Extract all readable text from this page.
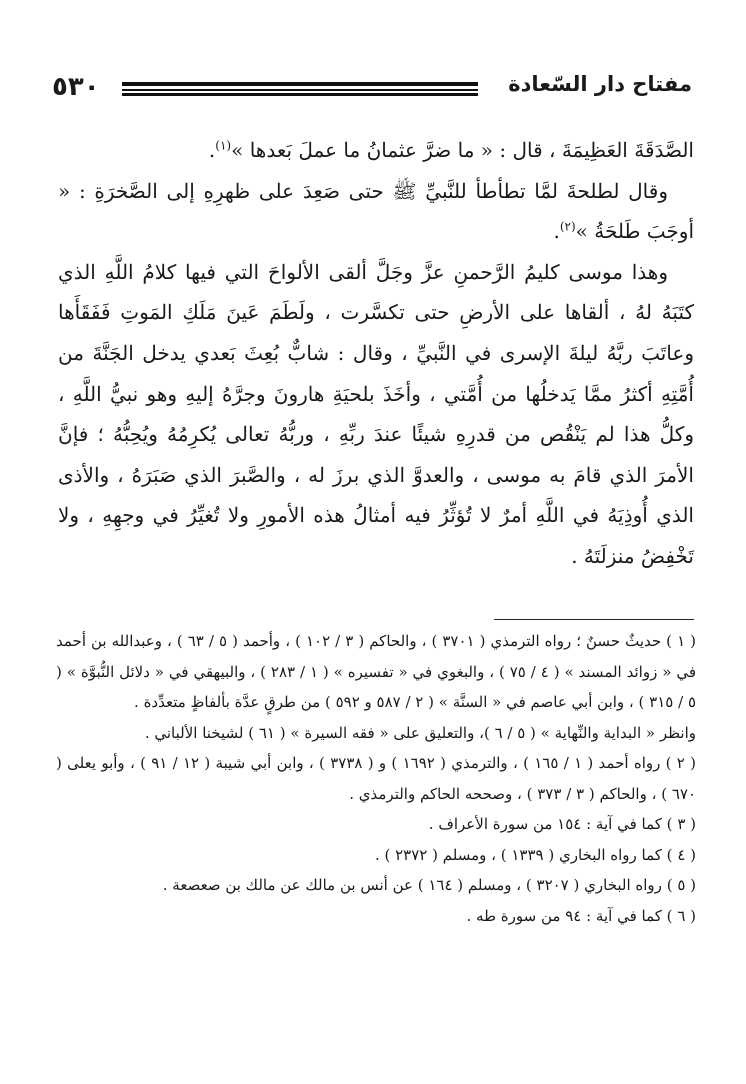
٥٣٠	مفتاح دار السّعادة

الصَّدَقَةَ العَظِيمَةَ ، قال : « ما ضرَّ عثمانُ ما عملَ بَعدها »$^{(١)}$.

وقال لطلحةَ لمَّا تطأطأ للنَّبيِّ ﷺ حتى صَعِدَ على ظهرِهِ إلى الصَّخرَةِ : « أوجَبَ طَلحَةُ »$^{(٢)}$.

وهذا موسى كليمُ الرَّحمنِ عزَّ وجَلَّ ألقى الألواحَ التي فيها كلامُ اللَّهِ الذي كتَبَهُ لهُ ، ألقاها على الأرضِ حتى تكسَّرت ، ولَطَمَ عَينَ مَلَكِ المَوتِ فَفَقَأَها وعاتَبَ ربَّهُ ليلةَ الإسرى في النَّبيِّ ، وقال : شابٌّ بُعِثَ بَعدي يدخل الجَنَّةَ من أُمَّتِهِ أكثرُ ممَّا يَدخلُها من أُمَّتي ، وأخَذَ بلحيَةِ هارونَ وجرَّهُ إليهِ وهو نبيُّ اللَّهِ ، وكلُّ هذا لم يَنْقُص من قدرِهِ شيئًا عندَ ربِّهِ ، وربُّهُ تعالى يُكرِمُهُ ويُحِبُّهُ ؛ فإنَّ الأمرَ الذي قامَ به موسى ، والعدوَّ الذي برزَ له ، والصَّبرَ الذي صَبَرَهُ ، والأذى الذي أُوذِيَهُ في اللَّهِ أمرٌ لا تُؤثِّرُ فيه أمثالُ هذه الأمورِ ولا تُغيِّرُ في وجهِهِ ، ولا تَخْفِضُ منزلَتَهُ .

( ١ ) حديثٌ حسنٌ ؛ رواه الترمذي ( ٣٧٠١ ) ، والحاكم ( ٣ / ١٠٢ ) ، وأحمد ( ٥ / ٦٣ ) ، وعبدالله بن أحمد في « زوائد المسند » ( ٤ / ٧٥ ) ، والبغوي في « تفسيره » ( ١ / ٢٨٣ ) ، والبيهقي في « دلائل النُّبوَّة » ( ٥ / ٣١٥ ) ، وابن أبي عاصم في « السنَّة » ( ٢ / ٥٨٧ و ٥٩٢ ) من طرقٍ عدَّة بألفاظٍ متعدِّدة .

وانظر « البداية والنِّهاية » ( ٥ / ٦ )، والتعليق على « فقه السيرة » ( ٦١ ) لشيخنا الألباني .

( ٢ ) رواه أحمد ( ١ / ١٦٥ ) ، والترمذي ( ١٦٩٢ ) و ( ٣٧٣٨ ) ، وابن أبي شيبة ( ١٢ / ٩١ ) ، وأبو يعلى ( ٦٧٠ ) ، والحاكم ( ٣ / ٣٧٣ ) ، وصححه الحاكم والترمذي .

( ٣ ) كما في آية : ١٥٤ من سورة الأعراف .

( ٤ ) كما رواه البخاري ( ١٣٣٩ ) ، ومسلم ( ٢٣٧٢ ) .

( ٥ ) رواه البخاري ( ٣٢٠٧ ) ، ومسلم ( ١٦٤ ) عن أنس بن مالك عن مالك بن صعصعة .

( ٦ ) كما في آية : ٩٤ من سورة طه .
